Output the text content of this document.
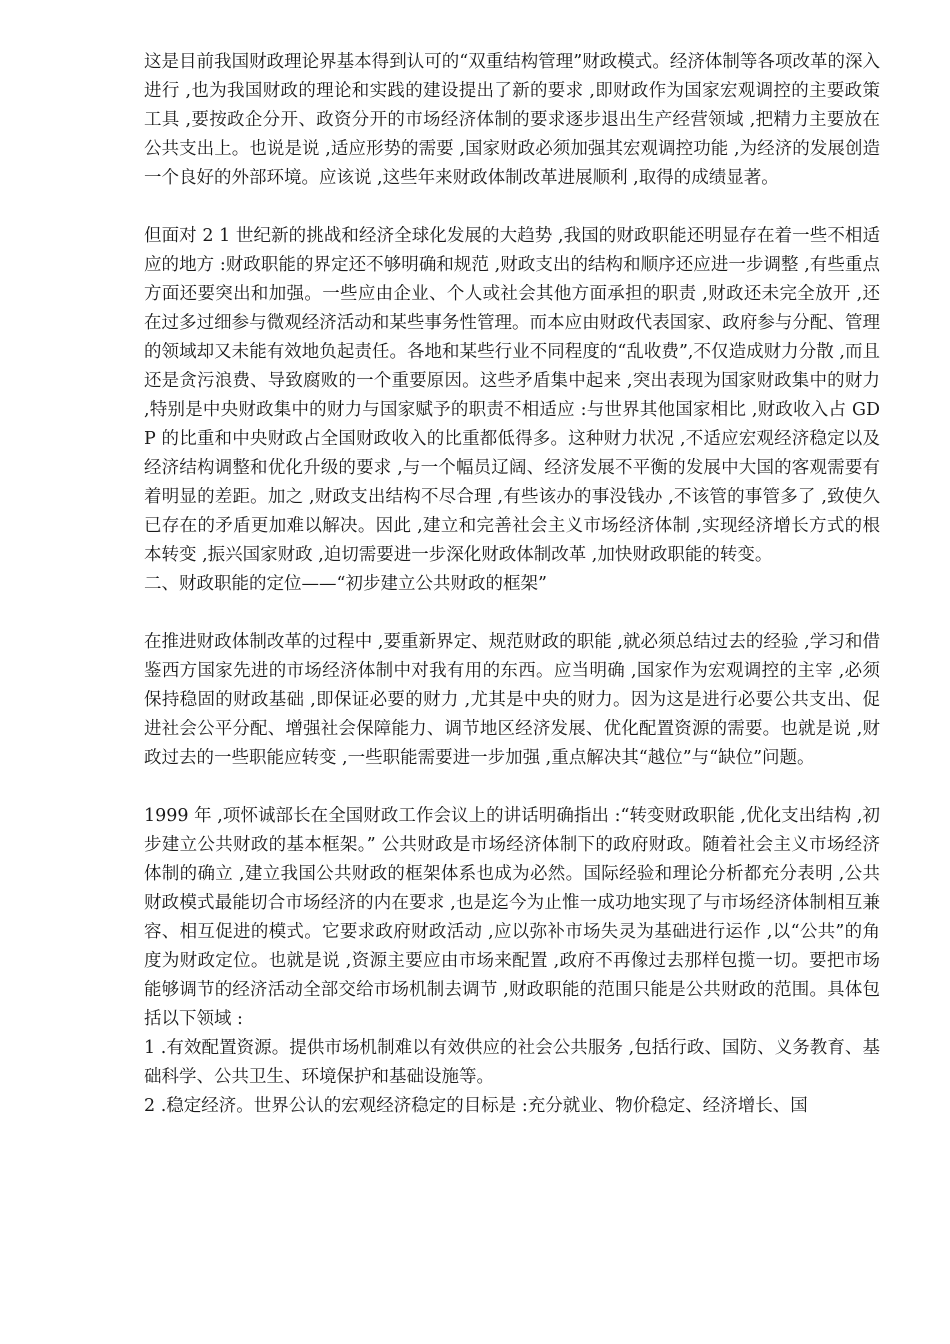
这是目前我国财政理论界基本得到认可的“双重结构管理”财政模式。经济体制等各项改革的深入进行 ,也为我国财政的理论和实践的建设提出了新的要求 ,即财政作为国家宏观调控的主要政策工具 ,要按政企分开、政资分开的市场经济体制的要求逐步退出生产经营领域 ,把精力主要放在公共支出上。也说是说 ,适应形势的需要 ,国家财政必须加强其宏观调控功能 ,为经济的发展创造一个良好的外部环境。应该说 ,这些年来财政体制改革进展顺利 ,取得的成绩显著。

但面对 2 1 世纪新的挑战和经济全球化发展的大趋势 ,我国的财政职能还明显存在着一些不相适应的地方 :财政职能的界定还不够明确和规范 ,财政支出的结构和顺序还应进一步调整 ,有些重点方面还要突出和加强。一些应由企业、个人或社会其他方面承担的职责 ,财政还未完全放开 ,还在过多过细参与微观经济活动和某些事务性管理。而本应由财政代表国家、政府参与分配、管理的领域却又未能有效地负起责任。各地和某些行业不同程度的“乱收费”,不仅造成财力分散 ,而且还是贪污浪费、导致腐败的一个重要原因。这些矛盾集中起来 ,突出表现为国家财政集中的财力 ,特别是中央财政集中的财力与国家赋予的职责不相适应 :与世界其他国家相比 ,财政收入占 GDP 的比重和中央财政占全国财政收入的比重都低得多。这种财力状况 ,不适应宏观经济稳定以及经济结构调整和优化升级的要求 ,与一个幅员辽阔、经济发展不平衡的发展中大国的客观需要有着明显的差距。加之 ,财政支出结构不尽合理 ,有些该办的事没钱办 ,不该管的事管多了 ,致使久已存在的矛盾更加难以解决。因此 ,建立和完善社会主义市场经济体制 ,实现经济增长方式的根本转变 ,振兴国家财政 ,迫切需要进一步深化财政体制改革 ,加快财政职能的转变。

二、财政职能的定位——“初步建立公共财政的框架”

在推进财政体制改革的过程中 ,要重新界定、规范财政的职能 ,就必须总结过去的经验 ,学习和借鉴西方国家先进的市场经济体制中对我有用的东西。应当明确 ,国家作为宏观调控的主宰 ,必须保持稳固的财政基础 ,即保证必要的财力 ,尤其是中央的财力。因为这是进行必要公共支出、促进社会公平分配、增强社会保障能力、调节地区经济发展、优化配置资源的需要。也就是说 ,财政过去的一些职能应转变 ,一些职能需要进一步加强 ,重点解决其“越位”与“缺位”问题。

1999 年 ,项怀诚部长在全国财政工作会议上的讲话明确指出 :“转变财政职能 ,优化支出结构 ,初步建立公共财政的基本框架。” 公共财政是市场经济体制下的政府财政。随着社会主义市场经济体制的确立 ,建立我国公共财政的框架体系也成为必然。国际经验和理论分析都充分表明 ,公共财政模式最能切合市场经济的内在要求 ,也是迄今为止惟一成功地实现了与市场经济体制相互兼容、相互促进的模式。它要求政府财政活动 ,应以弥补市场失灵为基础进行运作 ,以“公共”的角度为财政定位。也就是说 ,资源主要应由市场来配置 ,政府不再像过去那样包揽一切。要把市场能够调节的经济活动全部交给市场机制去调节 ,财政职能的范围只能是公共财政的范围。具体包括以下领域 :

1 .有效配置资源。提供市场机制难以有效供应的社会公共服务 ,包括行政、国防、义务教育、基础科学、公共卫生、环境保护和基础设施等。

2 .稳定经济。世界公认的宏观经济稳定的目标是 :充分就业、物价稳定、经济增长、国
